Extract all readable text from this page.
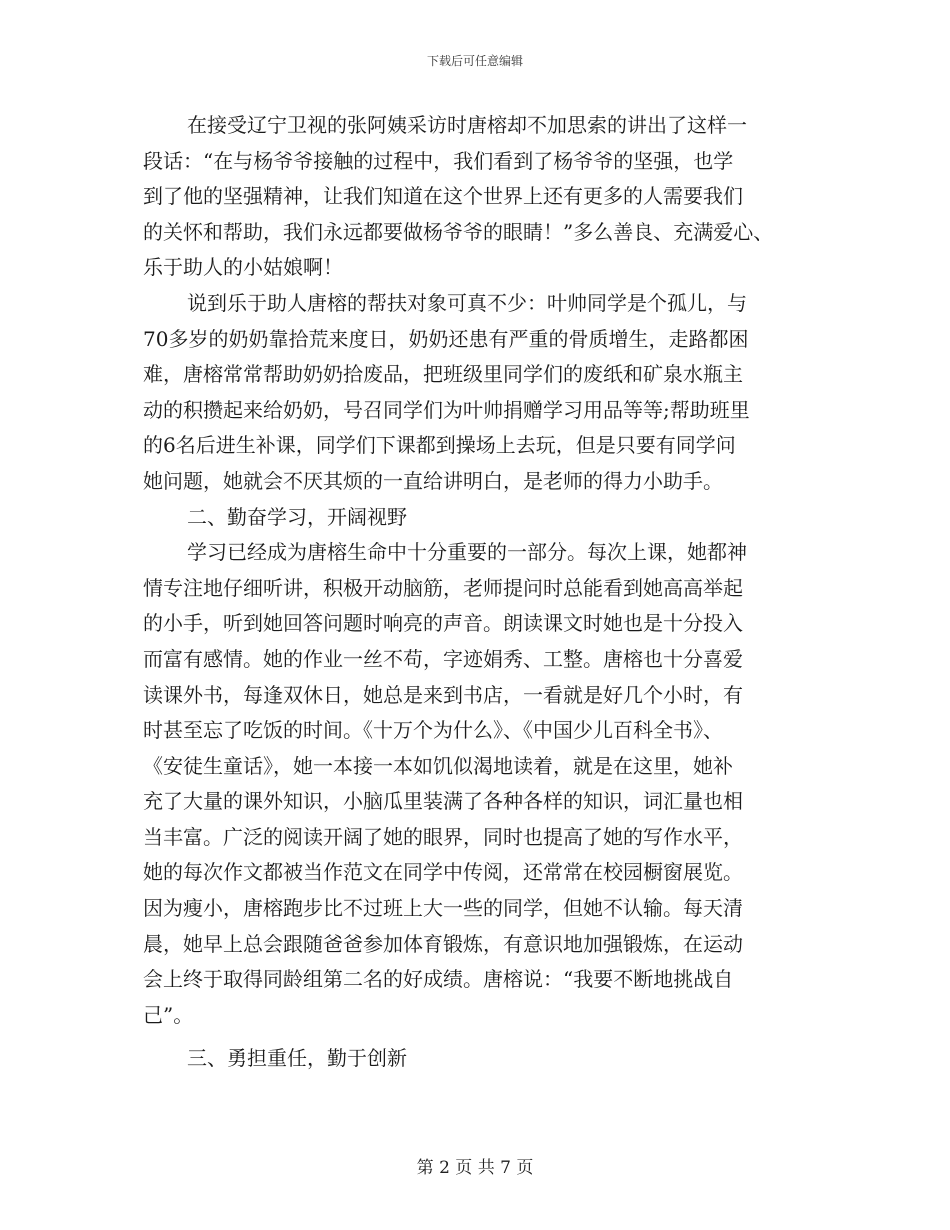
下载后可任意编辑
在接受辽宁卫视的张阿姨采访时唐榕却不加思索的讲出了这样一
段话：“在与杨爷爷接触的过程中，我们看到了杨爷爷的坚强，也学
到了他的坚强精神，让我们知道在这个世界上还有更多的人需要我们
的关怀和帮助，我们永远都要做杨爷爷的眼睛！”多么善良、充满爱心、
乐于助人的小姑娘啊！
说到乐于助人唐榕的帮扶对象可真不少：叶帅同学是个孤儿，与
70多岁的奶奶靠拾荒来度日，奶奶还患有严重的骨质增生，走路都困
难，唐榕常常帮助奶奶拾废品，把班级里同学们的废纸和矿泉水瓶主
动的积攒起来给奶奶，号召同学们为叶帅捐赠学习用品等等;帮助班里
的6名后进生补课，同学们下课都到操场上去玩，但是只要有同学问
她问题，她就会不厌其烦的一直给讲明白，是老师的得力小助手。
二、勤奋学习，开阔视野
学习已经成为唐榕生命中十分重要的一部分。每次上课，她都神
情专注地仔细听讲，积极开动脑筋，老师提问时总能看到她高高举起
的小手，听到她回答问题时响亮的声音。朗读课文时她也是十分投入
而富有感情。她的作业一丝不苟，字迹娟秀、工整。唐榕也十分喜爱
读课外书，每逢双休日，她总是来到书店，一看就是好几个小时，有
时甚至忘了吃饭的时间。《十万个为什么》、《中国少儿百科全书》、
《安徒生童话》，她一本接一本如饥似渴地读着，就是在这里，她补
充了大量的课外知识，小脑瓜里装满了各种各样的知识，词汇量也相
当丰富。广泛的阅读开阔了她的眼界，同时也提高了她的写作水平，
她的每次作文都被当作范文在同学中传阅，还常常在校园橱窗展览。
因为瘦小，唐榕跑步比不过班上大一些的同学，但她不认输。每天清
晨，她早上总会跟随爸爸参加体育锻炼，有意识地加强锻炼，在运动
会上终于取得同龄组第二名的好成绩。唐榕说：“我要不断地挑战自
己”。
三、勇担重任，勤于创新
第 2 页 共 7 页
